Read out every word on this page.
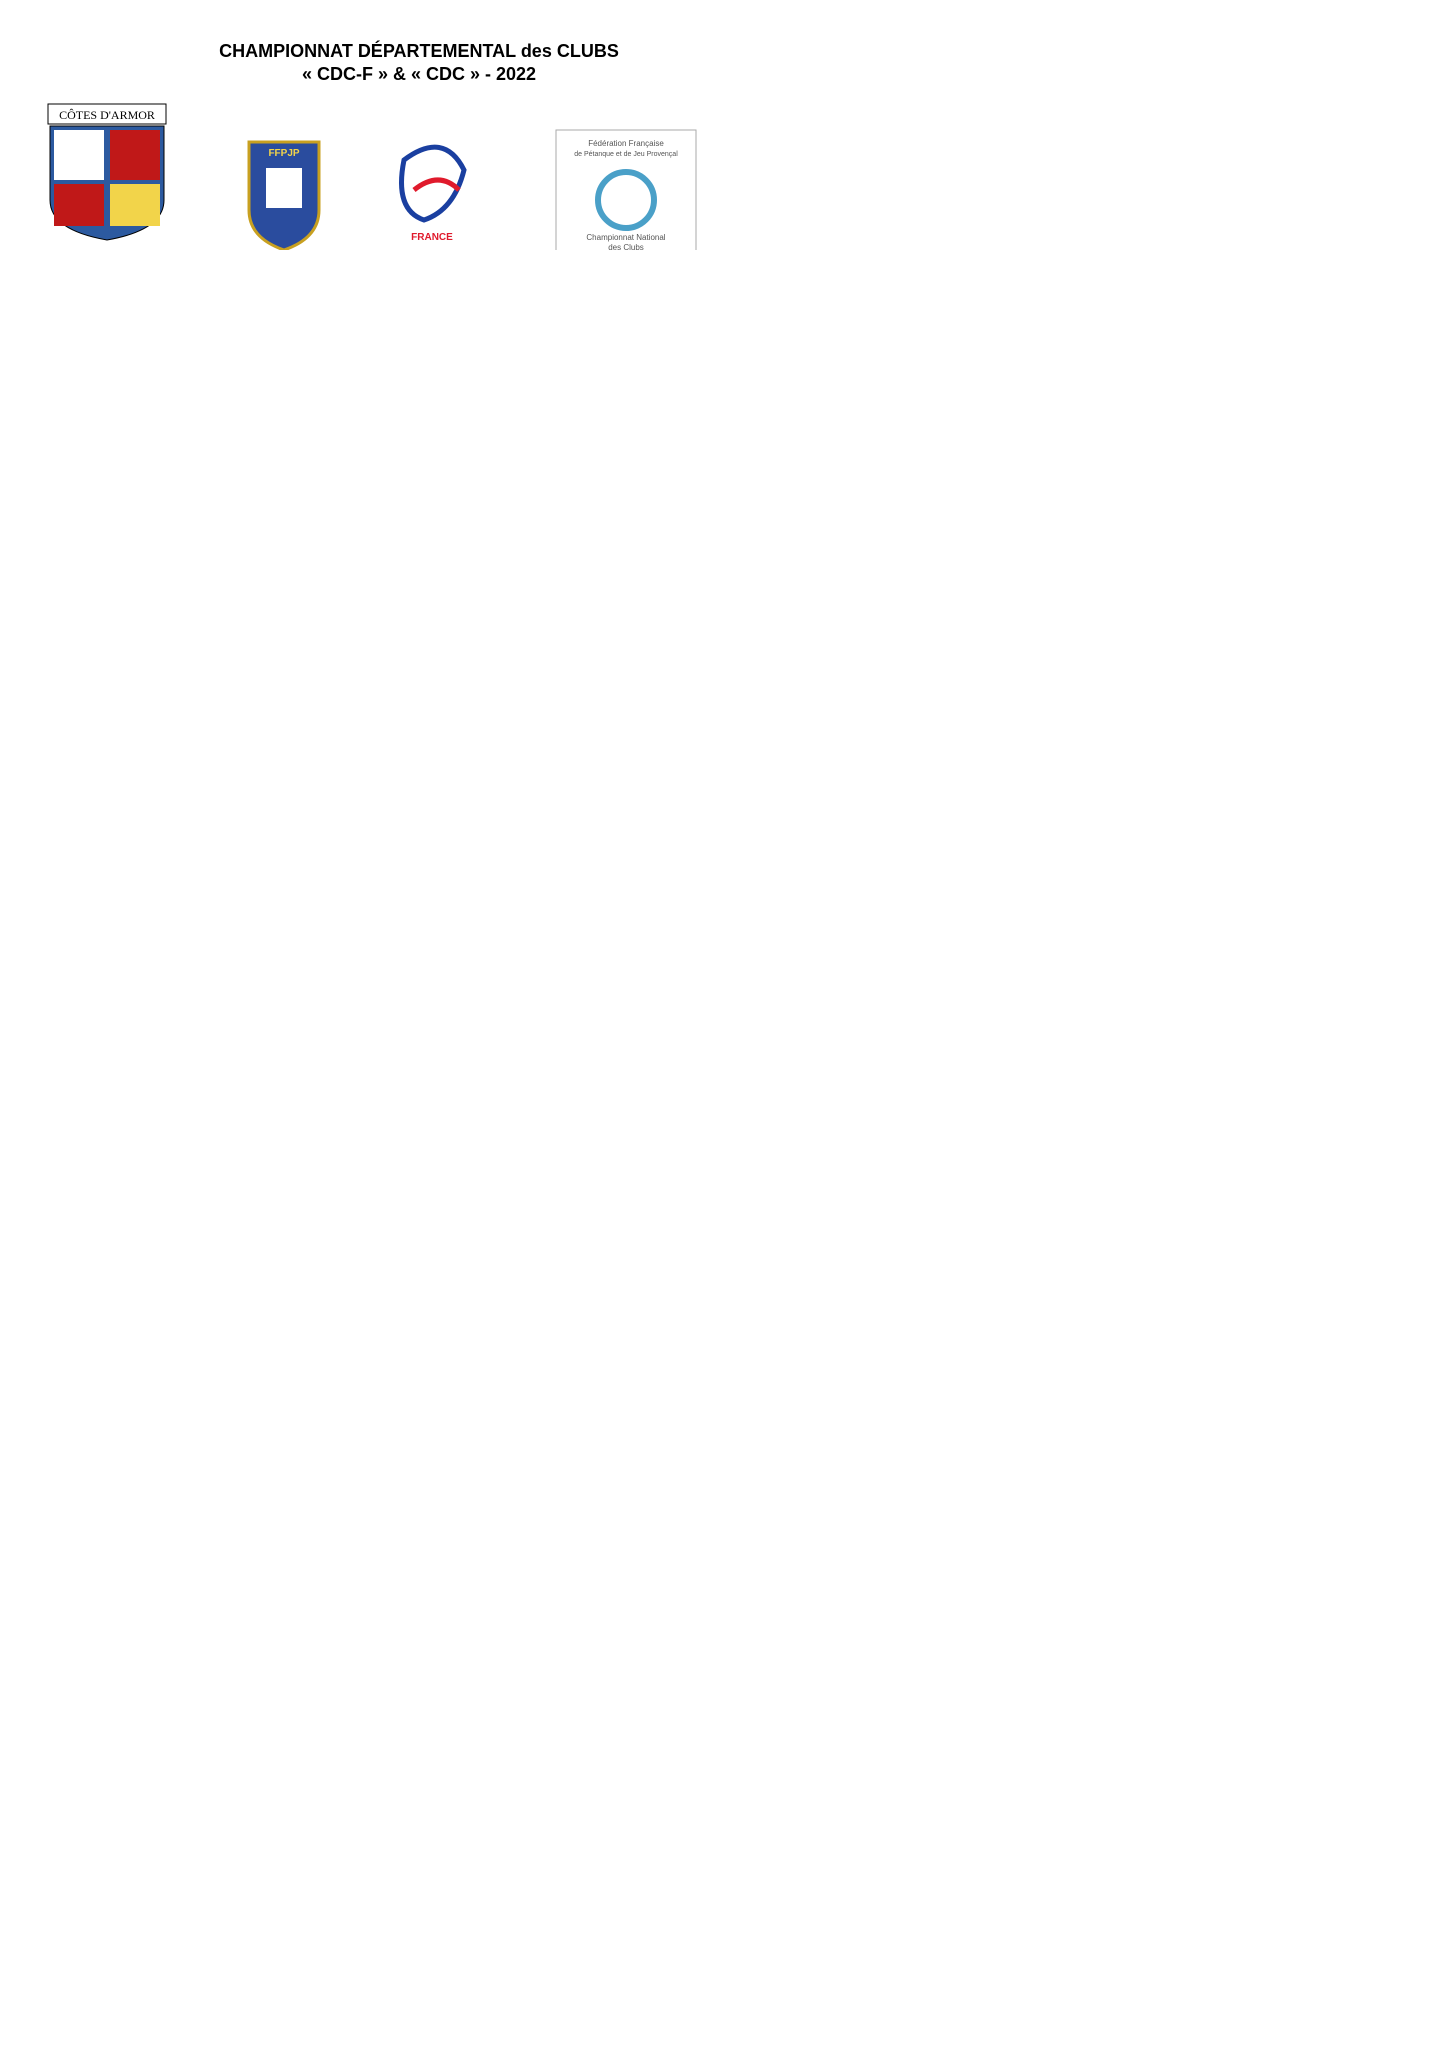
CHAMPIONNAT DÉPARTEMENTAL des CLUBS
« CDC-F » & « CDC » - 2022
CÔTES D'ARMOR
FFPJP
FRANCE
Fédération Française
de Pétanque et de Jeu Provençal
Championnat National
des Clubs
